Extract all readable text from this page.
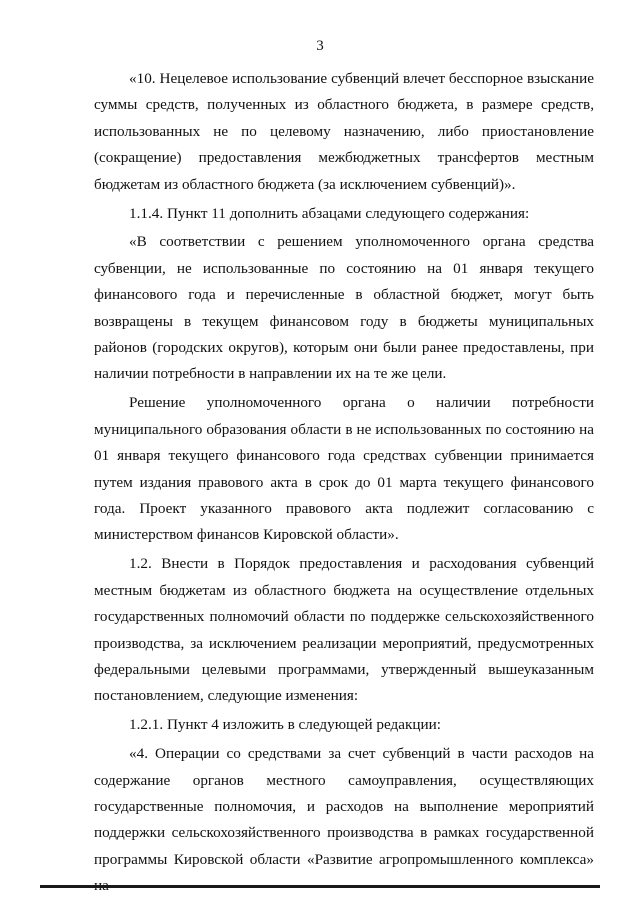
3

«10. Нецелевое использование субвенций влечет бесспорное взыскание суммы средств, полученных из областного бюджета, в размере средств, использованных не по целевому назначению, либо приостановление (сокращение) предоставления межбюджетных трансфертов местным бюджетам из областного бюджета (за исключением субвенций)».

1.1.4. Пункт 11 дополнить абзацами следующего содержания:

«В соответствии с решением уполномоченного органа средства субвенции, не использованные по состоянию на 01 января текущего финансового года и перечисленные в областной бюджет, могут быть возвращены в текущем финансовом году в бюджеты муниципальных районов (городских округов), которым они были ранее предоставлены, при наличии потребности в направлении их на те же цели.

Решение уполномоченного органа о наличии потребности муниципального образования области в не использованных по состоянию на 01 января текущего финансового года средствах субвенции принимается путем издания правового акта в срок до 01 марта текущего финансового года. Проект указанного правового акта подлежит согласованию с министерством финансов Кировской области».

1.2. Внести в Порядок предоставления и расходования субвенций местным бюджетам из областного бюджета на осуществление отдельных государственных полномочий области по поддержке сельскохозяйственного производства, за исключением реализации мероприятий, предусмотренных федеральными целевыми программами, утвержденный вышеуказанным постановлением, следующие изменения:

1.2.1. Пункт 4 изложить в следующей редакции:

«4. Операции со средствами за счет субвенций в части расходов на содержание органов местного самоуправления, осуществляющих государственные полномочия, и расходов на выполнение мероприятий поддержки сельскохозяйственного производства в рамках государственной программы Кировской области «Развитие агропромышленного комплекса»
